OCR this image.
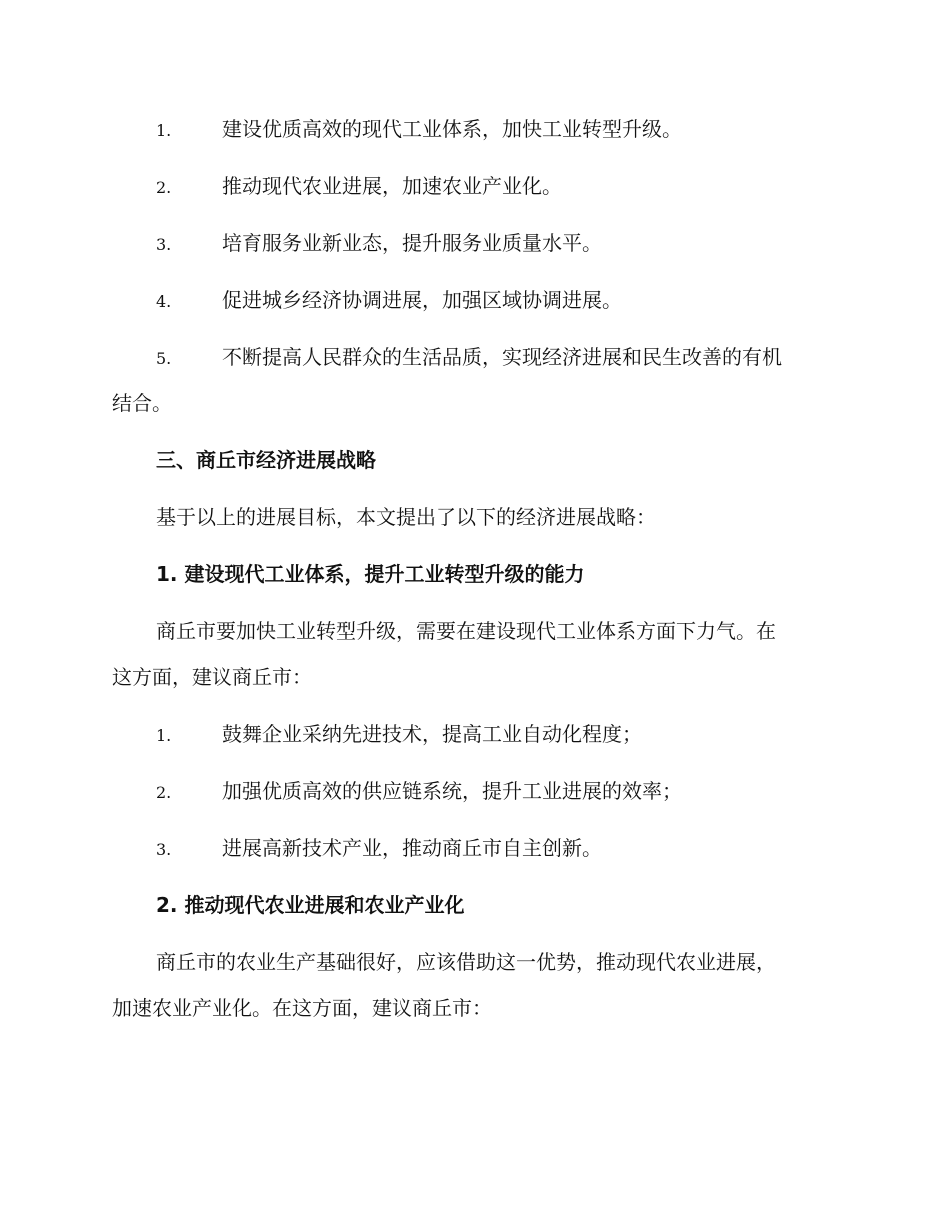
1.	建设优质高效的现代工业体系，加快工业转型升级。
2.	推动现代农业进展，加速农业产业化。
3.	培育服务业新业态，提升服务业质量水平。
4.	促进城乡经济协调进展，加强区域协调进展。
5.	不断提高人民群众的生活品质，实现经济进展和民生改善的有机
结合。
三、商丘市经济进展战略
基于以上的进展目标，本文提出了以下的经济进展战略：
1. 建设现代工业体系，提升工业转型升级的能力
商丘市要加快工业转型升级，需要在建设现代工业体系方面下力气。在
这方面，建议商丘市：
1.	鼓舞企业采纳先进技术，提高工业自动化程度；
2.	加强优质高效的供应链系统，提升工业进展的效率；
3.	进展高新技术产业，推动商丘市自主创新。
2. 推动现代农业进展和农业产业化
商丘市的农业生产基础很好，应该借助这一优势，推动现代农业进展，
加速农业产业化。在这方面，建议商丘市：
